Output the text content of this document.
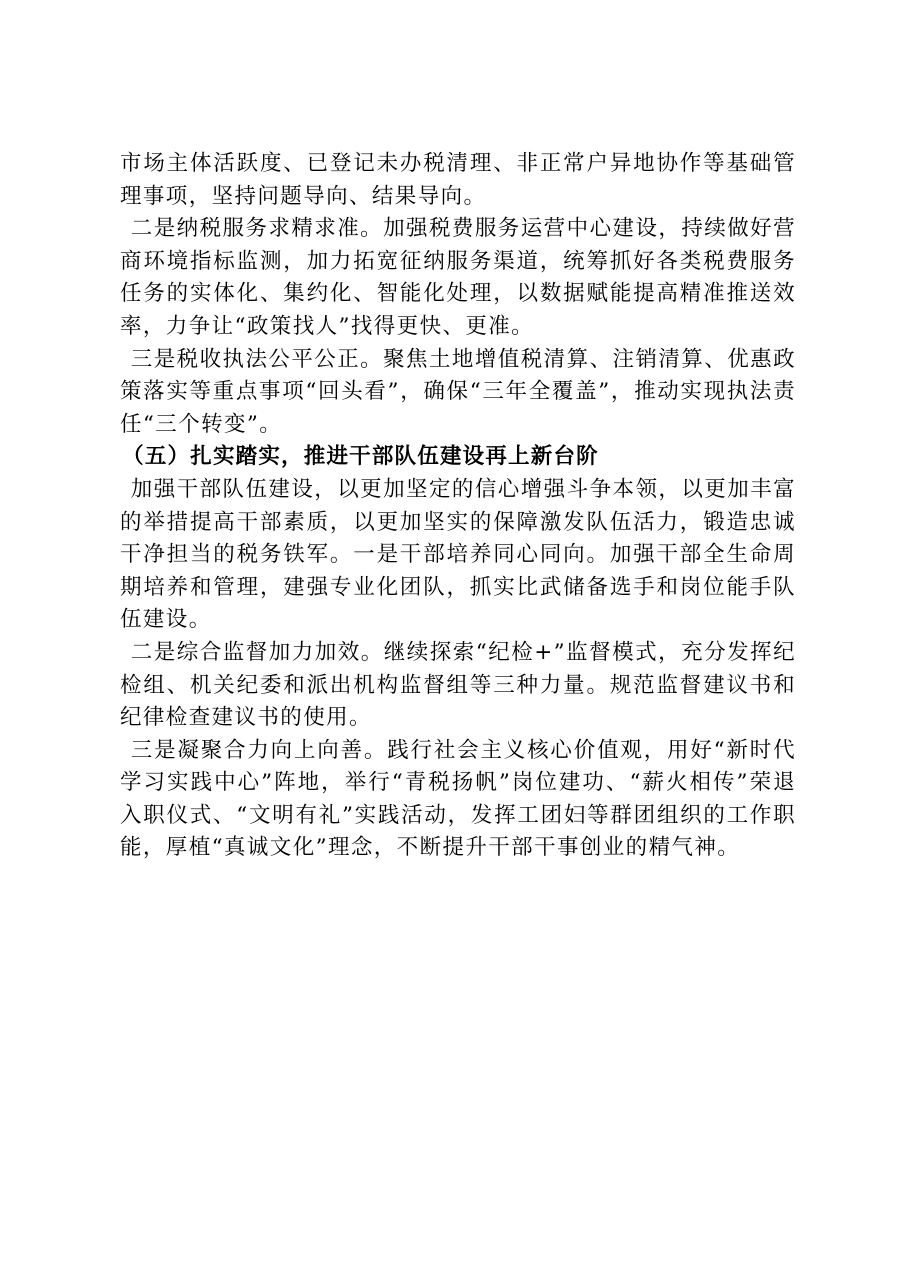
市场主体活跃度、已登记未办税清理、非正常户异地协作等基础管理事项，坚持问题导向、结果导向。

二是纳税服务求精求准。加强税费服务运营中心建设，持续做好营商环境指标监测，加力拓宽征纳服务渠道，统筹抓好各类税费服务任务的实体化、集约化、智能化处理，以数据赋能提高精准推送效率，力争让“政策找人”找得更快、更准。

三是税收执法公平公正。聚焦土地增值税清算、注销清算、优惠政策落实等重点事项“回头看”，确保“三年全覆盖”，推动实现执法责任“三个转变”。

（五）扎实踏实，推进干部队伍建设再上新台阶

加强干部队伍建设，以更加坚定的信心增强斗争本领，以更加丰富的举措提高干部素质，以更加坚实的保障激发队伍活力，锻造忠诚干净担当的税务铁军。一是干部培养同心同向。加强干部全生命周期培养和管理，建强专业化团队，抓实比武储备选手和岗位能手队伍建设。

二是综合监督加力加效。继续探索“纪检+”监督模式，充分发挥纪检组、机关纪委和派出机构监督组等三种力量。规范监督建议书和纪律检查建议书的使用。

三是凝聚合力向上向善。践行社会主义核心价值观，用好“新时代学习实践中心”阵地，举行“青税扬帆”岗位建功、“薪火相传”荣退入职仪式、“文明有礼”实践活动，发挥工团妇等群团组织的工作职能，厚植“真诚文化”理念，不断提升干部干事创业的精气神。
